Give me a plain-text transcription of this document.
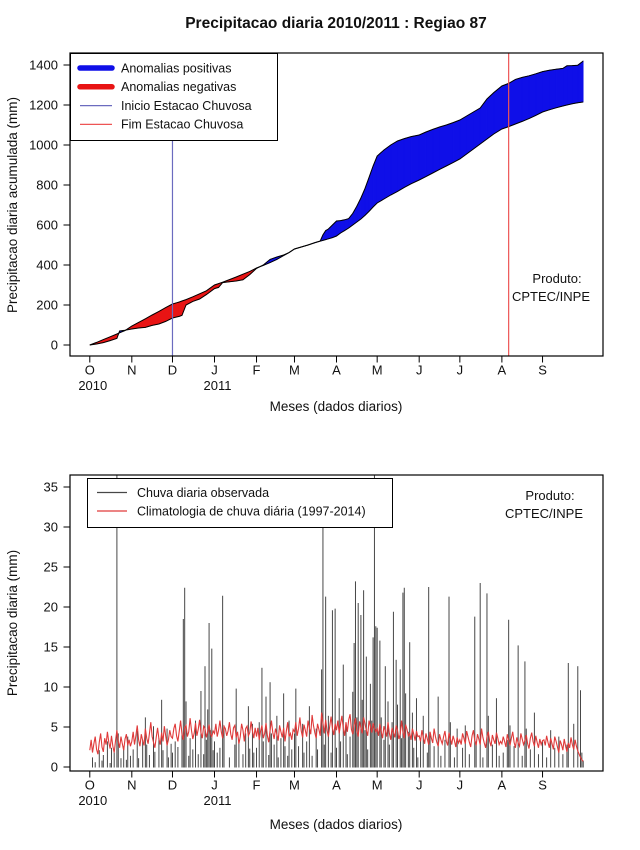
0
200
400
600
800
1000
1200
1400
O N D	J	F M A M	J	J	A S
2010	2011
Anomalias positivas
Anomalias negativas
Inicio Estacao Chuvosa
Fim Estacao Chuvosa
0
5
10
15
20
25
30
35
O N D	J	F M A M	J	J	A S
2010	2011
Chuva diaria observada
Climatologia de chuva diária (1997-2014)
Precipitacao diaria 2010/2011 : Regiao 87
Meses (dados diarios)
Precipitacao diaria acumulada (mm)
Meses (dados diarios)
Precipitacao diaria (mm)
Produto:
CPTEC/INPE
Produto:
CPTEC/INPE
